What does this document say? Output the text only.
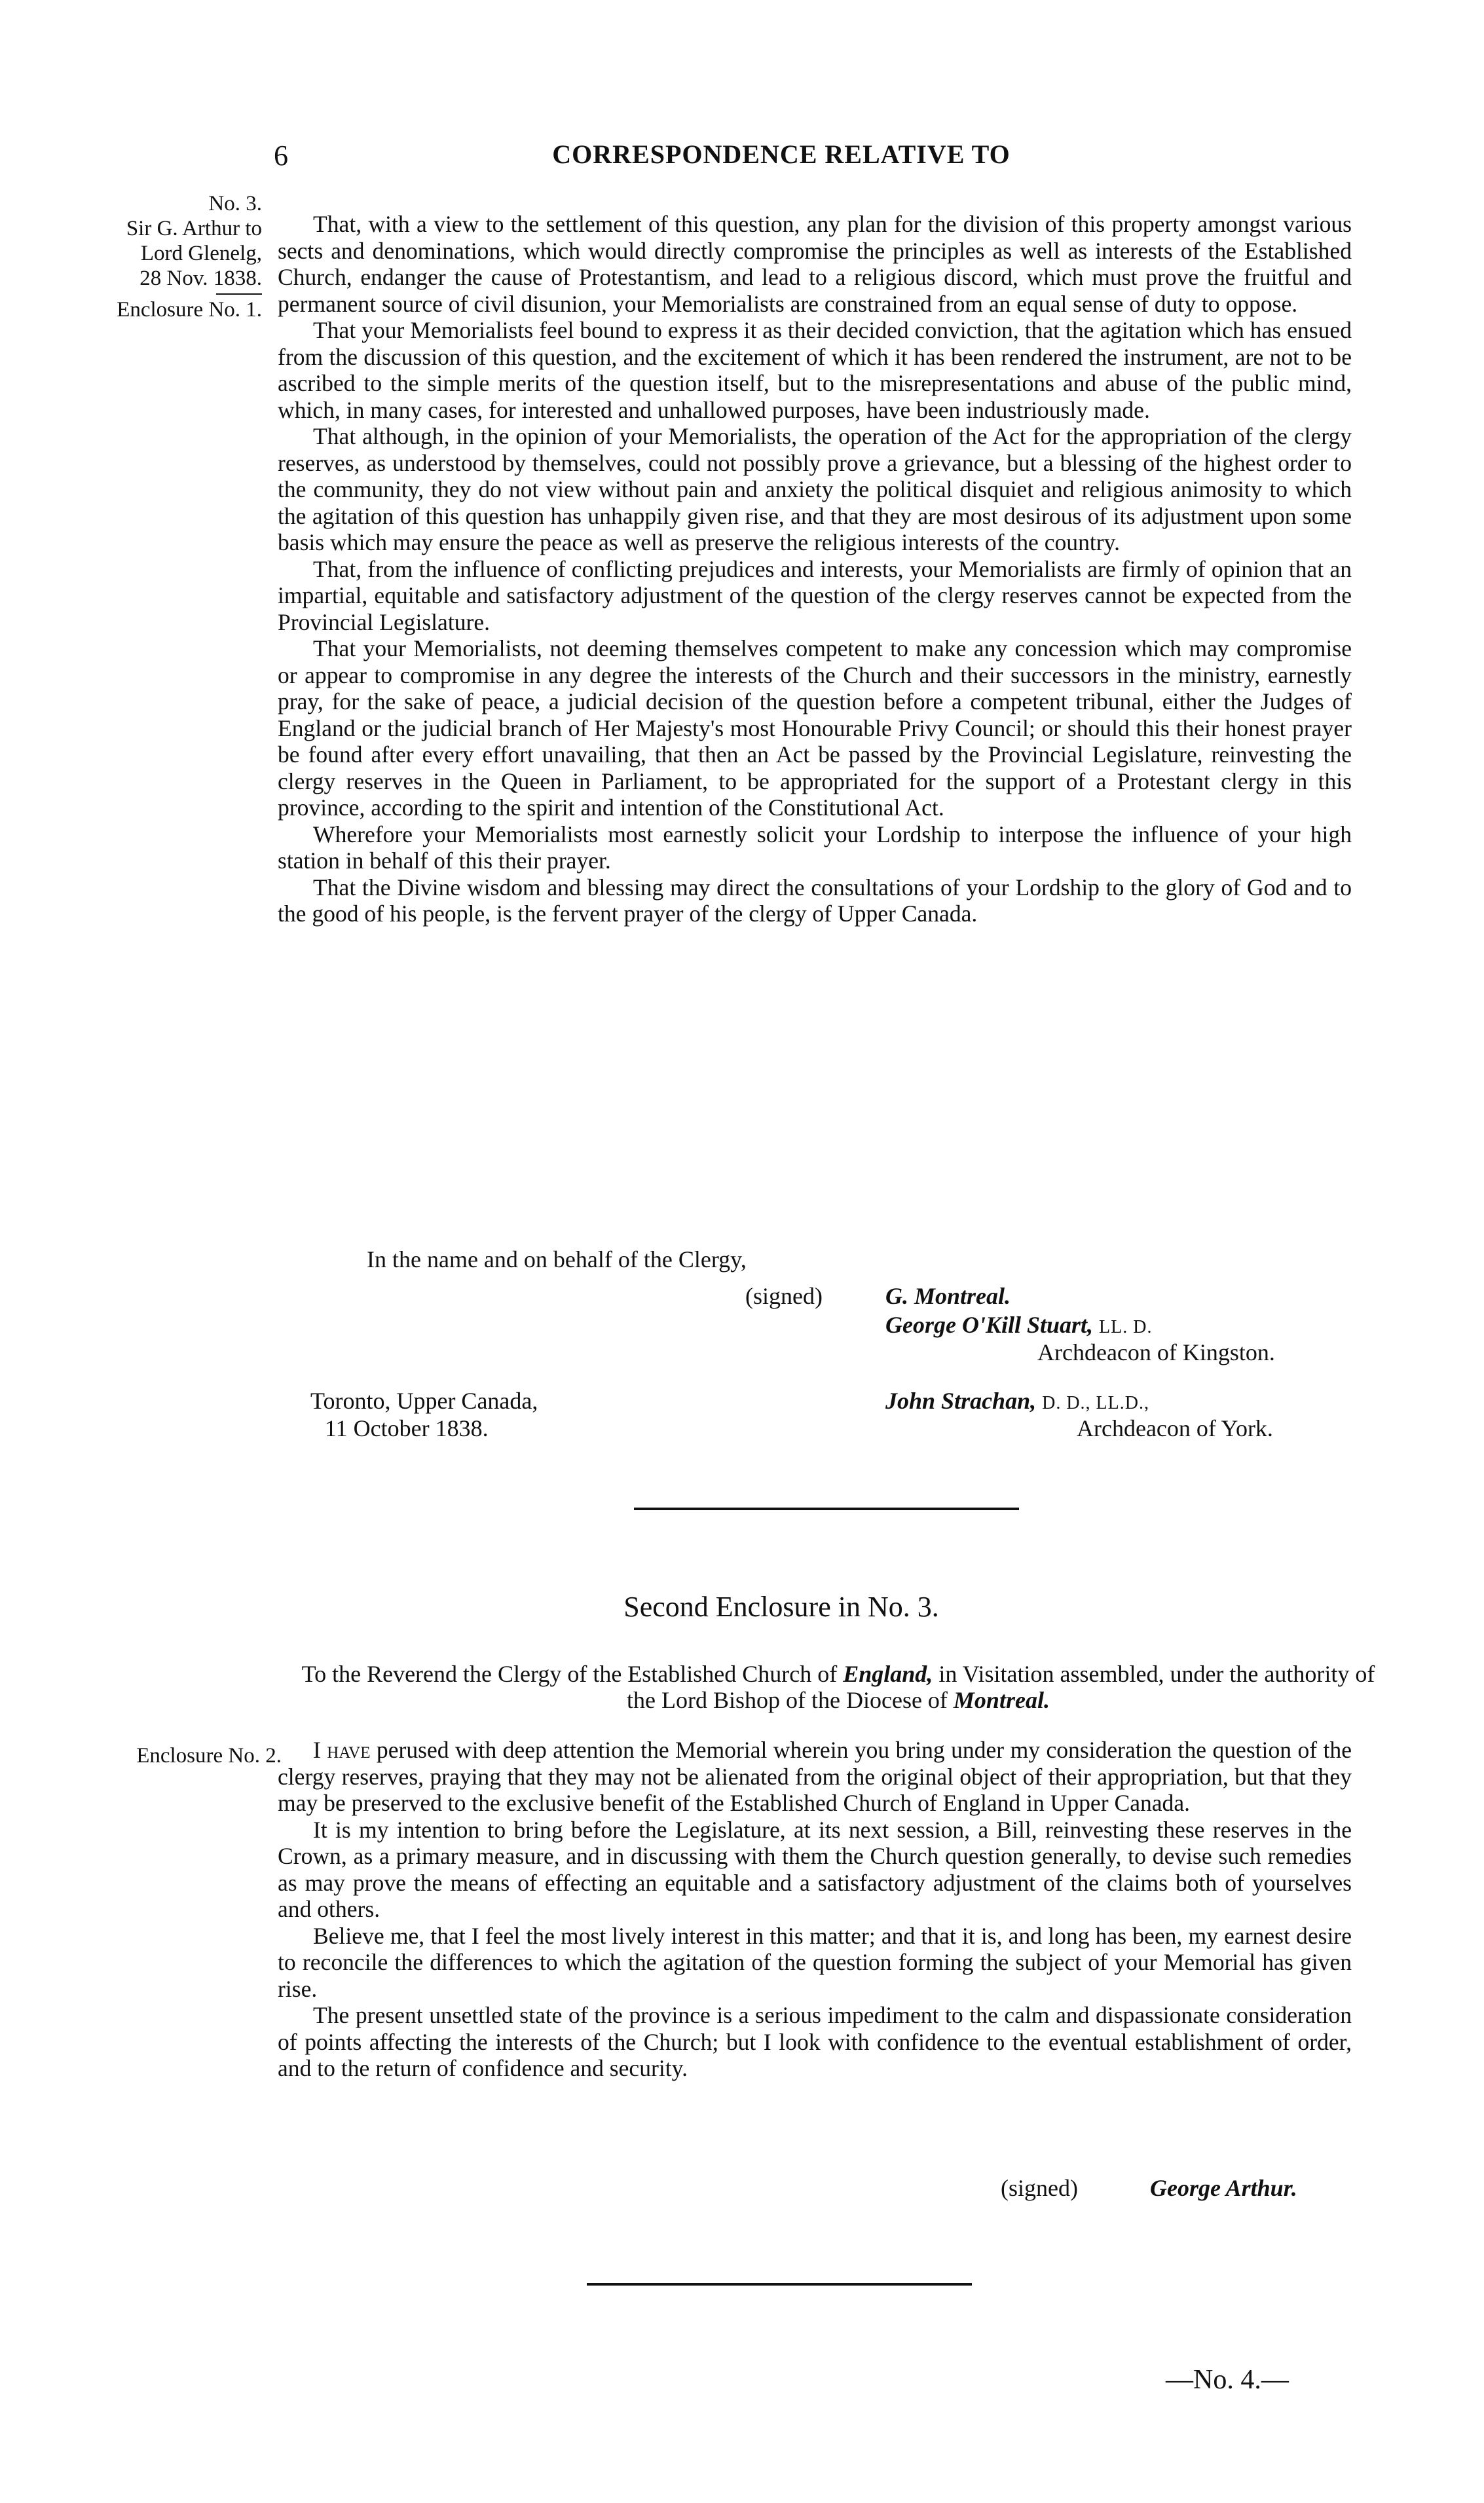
6	CORRESPONDENCE RELATIVE TO
No. 3.
Sir G. Arthur to
Lord Glenelg,
28 Nov. 1838.
Enclosure No. 1.

That, with a view to the settlement of this question, any plan for the division of this property amongst various sects and denominations, which would directly compromise the principles as well as interests of the Established Church, endanger the cause of Protestantism, and lead to a religious discord, which must prove the fruitful and permanent source of civil disunion, your Memorialists are constrained from an equal sense of duty to oppose.

That your Memorialists feel bound to express it as their decided conviction, that the agitation which has ensued from the discussion of this question, and the excitement of which it has been rendered the instrument, are not to be ascribed to the simple merits of the question itself, but to the misrepresentations and abuse of the public mind, which, in many cases, for interested and unhallowed purposes, have been industriously made.

That although, in the opinion of your Memorialists, the operation of the Act for the appropriation of the clergy reserves, as understood by themselves, could not possibly prove a grievance, but a blessing of the highest order to the community, they do not view without pain and anxiety the political disquiet and religious animosity to which the agitation of this question has unhappily given rise, and that they are most desirous of its adjustment upon some basis which may ensure the peace as well as preserve the religious interests of the country.

That, from the influence of conflicting prejudices and interests, your Memorialists are firmly of opinion that an impartial, equitable and satisfactory adjustment of the question of the clergy reserves cannot be expected from the Provincial Legislature.

That your Memorialists, not deeming themselves competent to make any concession which may compromise or appear to compromise in any degree the interests of the Church and their successors in the ministry, earnestly pray, for the sake of peace, a judicial decision of the question before a competent tribunal, either the Judges of England or the judicial branch of Her Majesty's most Honourable Privy Council; or should this their honest prayer be found after every effort unavailing, that then an Act be passed by the Provincial Legislature, reinvesting the clergy reserves in the Queen in Parliament, to be appropriated for the support of a Protestant clergy in this province, according to the spirit and intention of the Constitutional Act.

Wherefore your Memorialists most earnestly solicit your Lordship to interpose the influence of your high station in behalf of this their prayer.

That the Divine wisdom and blessing may direct the consultations of your Lordship to the glory of God and to the good of his people, is the fervent prayer of the clergy of Upper Canada.

In the name and on behalf of the Clergy,
(signed)	G. Montreal.
George O'Kill Stuart, LL. D.
Archdeacon of Kingston.
John Strachan, D. D., LL.D.,
Archdeacon of York.
Toronto, Upper Canada,
11 October 1838.
Second Enclosure in No. 3.
To the Reverend the Clergy of the Established Church of England, in Visitation assembled, under the authority of the Lord Bishop of the Diocese of Montreal.
Enclosure No. 2.	I have perused with deep attention the Memorial wherein you bring under my consideration the question of the clergy reserves, praying that they may not be alienated from the original object of their appropriation, but that they may be preserved to the exclusive benefit of the Established Church of England in Upper Canada.

It is my intention to bring before the Legislature, at its next session, a Bill, reinvesting these reserves in the Crown, as a primary measure, and in discussing with them the Church question generally, to devise such remedies as may prove the means of effecting an equitable and a satisfactory adjustment of the claims both of yourselves and others.

Believe me, that I feel the most lively interest in this matter; and that it is, and long has been, my earnest desire to reconcile the differences to which the agitation of the question forming the subject of your Memorial has given rise.

The present unsettled state of the province is a serious impediment to the calm and dispassionate consideration of points affecting the interests of the Church; but I look with confidence to the eventual establishment of order, and to the return of confidence and security.

(signed)	George Arthur.
—No. 4.—
